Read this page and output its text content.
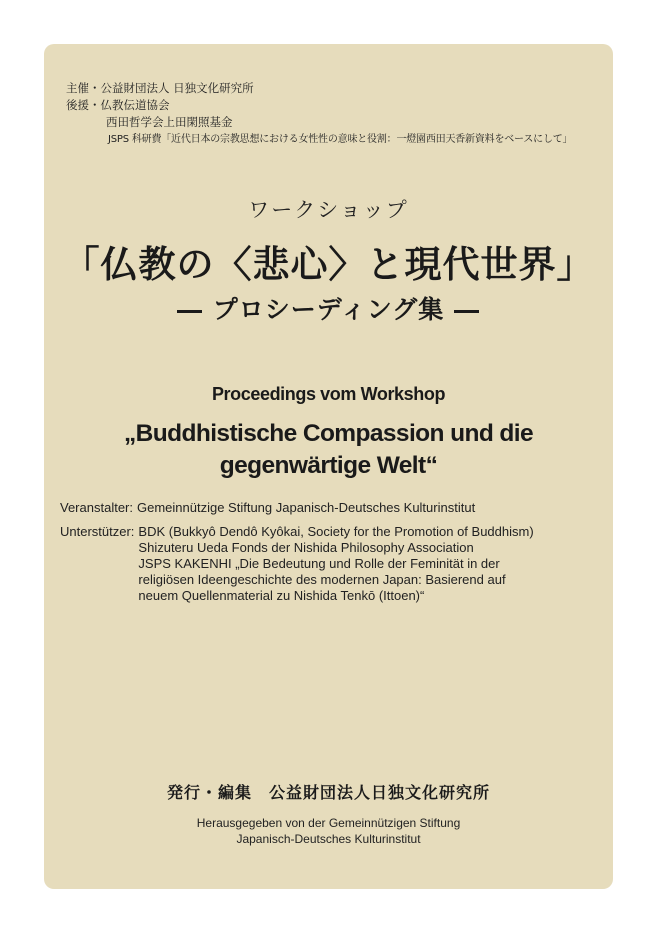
主催・公益財団法人 日独文化研究所
後援・仏教伝道協会
西田哲学会上田閑照基金
JSPS 科研費「近代日本の宗教思想における女性性の意味と役割：一燈園西田天香新資料をベースにして」
ワークショップ
「仏教の〈悲心〉と現代世界」
― プロシーディング集 ―
Proceedings vom Workshop
„Buddhistische Compassion und die
gegenwärtige Welt“
Veranstalter: Gemeinnützige Stiftung Japanisch-Deutsches Kulturinstitut
Unterstützer: BDK (Bukkyô Dendô Kyôkai, Society for the Promotion of Buddhism)
Shizuteru Ueda Fonds der Nishida Philosophy Association
JSPS KAKENHI „Die Bedeutung und Rolle der Feminität in der
religiösen Ideengeschichte des modernen Japan: Basierend auf
neuem Quellenmaterial zu Nishida Tenkō (Ittoen)“
発行・編集　公益財団法人日独文化研究所
Herausgegeben von der Gemeinnützigen Stiftung
Japanisch-Deutsches Kulturinstitut
